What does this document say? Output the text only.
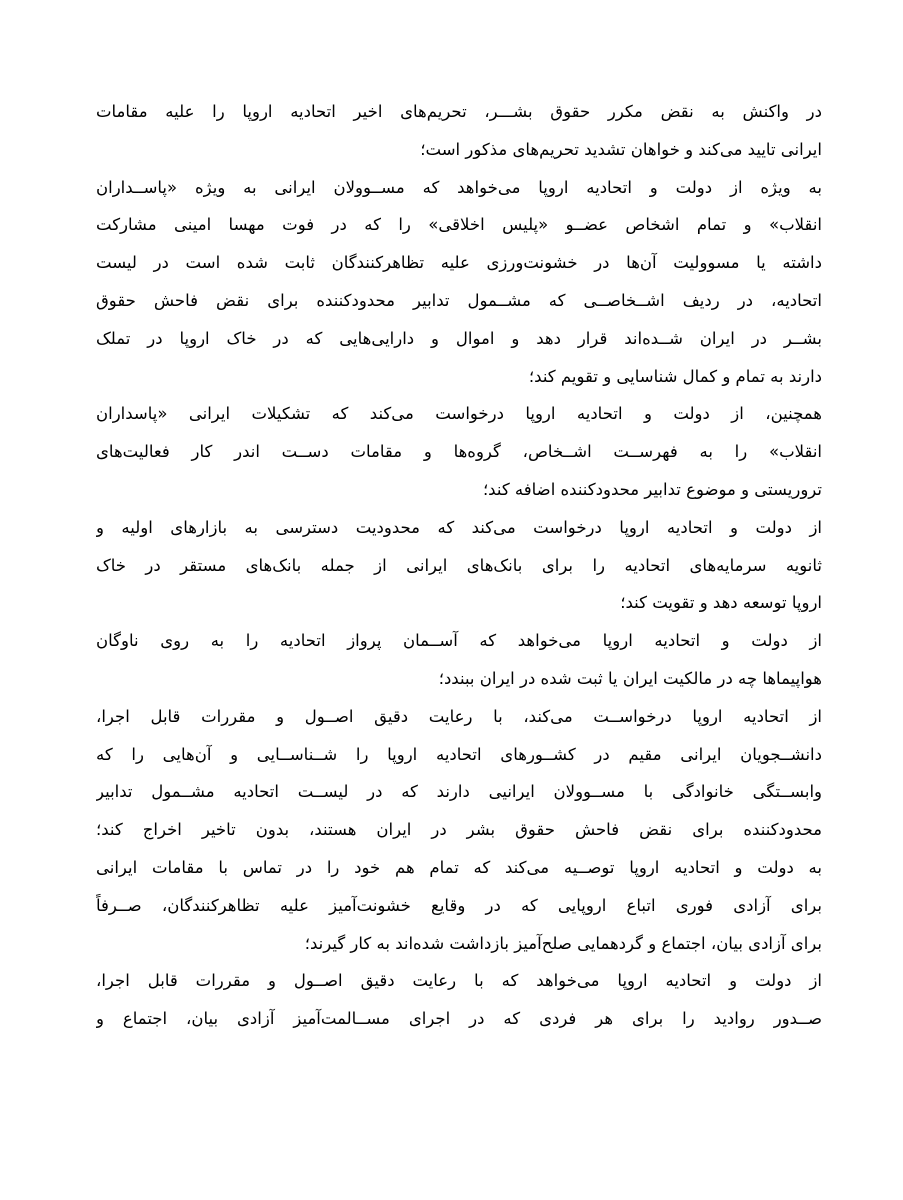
در واکنش به نقض مکرر حقوق بشـــر، تحریم‌های اخیر اتحادیه اروپا را علیه مقامات
ایرانی تایید می‌کند و خواهان تشدید تحریم‌های مذکور است؛
به ویژه از دولت و اتحادیه اروپا می‌خواهد که مســوولان ایرانی به ویژه «پاســداران
انقلاب» و تمام اشخاص عضــو «پلیس اخلاقی» را که در فوت مهسا امینی مشارکت
داشته یا مسوولیت آن‌ها در خشونت‌ورزی علیه تظاهرکنندگان ثابت شده است در لیست
اتحادیه، در ردیف اشــخاصــی که مشــمول تدابیر محدودکننده برای نقض فاحش حقوق
بشــر در ایران شــده‌اند قرار دهد و اموال و دارایی‌هایی که در خاک اروپا در تملک
دارند به تمام و کمال شناسایی و تقویم کند؛
همچنین، از دولت و اتحادیه اروپا درخواست می‌کند که تشکیلات ایرانی «پاسداران
انقلاب» را به فهرســت اشــخاص، گروه‌ها و مقامات دســت اندر کار فعالیت‌های
تروریستی و موضوع تدابیر محدودکننده اضافه کند؛
از دولت و اتحادیه اروپا درخواست می‌کند که محدودیت دسترسی به بازارهای اولیه و
ثانویه سرمایه‌های اتحادیه را برای بانک‌های ایرانی از جمله بانک‌های مستقر در خاک
اروپا توسعه دهد و تقویت کند؛
از دولت و اتحادیه اروپا می‌خواهد که آســمان پرواز اتحادیه را به روی ناوگان
هواپیماها چه در مالکیت ایران یا ثبت شده در ایران ببندد؛
از اتحادیه اروپا درخواســت می‌کند، با رعایت دقیق اصــول و مقررات قابل اجرا،
دانشــجویان ایرانی مقیم در کشــورهای اتحادیه اروپا را شــناســایی و آن‌هایی را که
وابســتگی خانوادگی با مســوولان ایرانیی دارند که در لیســت اتحادیه مشــمول تدابیر
محدودکننده برای نقض فاحش حقوق بشر در ایران هستند، بدون تاخیر اخراج کند؛
به دولت و اتحادیه اروپا توصــیه می‌کند که تمام هم خود را در تماس با مقامات ایرانی
برای آزادی فوری اتباع اروپایی که در وقایع خشونت‌آمیز علیه تظاهرکنندگان، صــرفاً
برای آزادی بیان، اجتماع و گردهمایی صلح‌آمیز بازداشت شده‌اند به کار گیرند؛
از دولت و اتحادیه اروپا می‌خواهد که با رعایت دقیق اصــول و مقررات قابل اجرا،
صــدور روادید را برای هر فردی که در اجرای مســالمت‌آمیز آزادی بیان، اجتماع و
